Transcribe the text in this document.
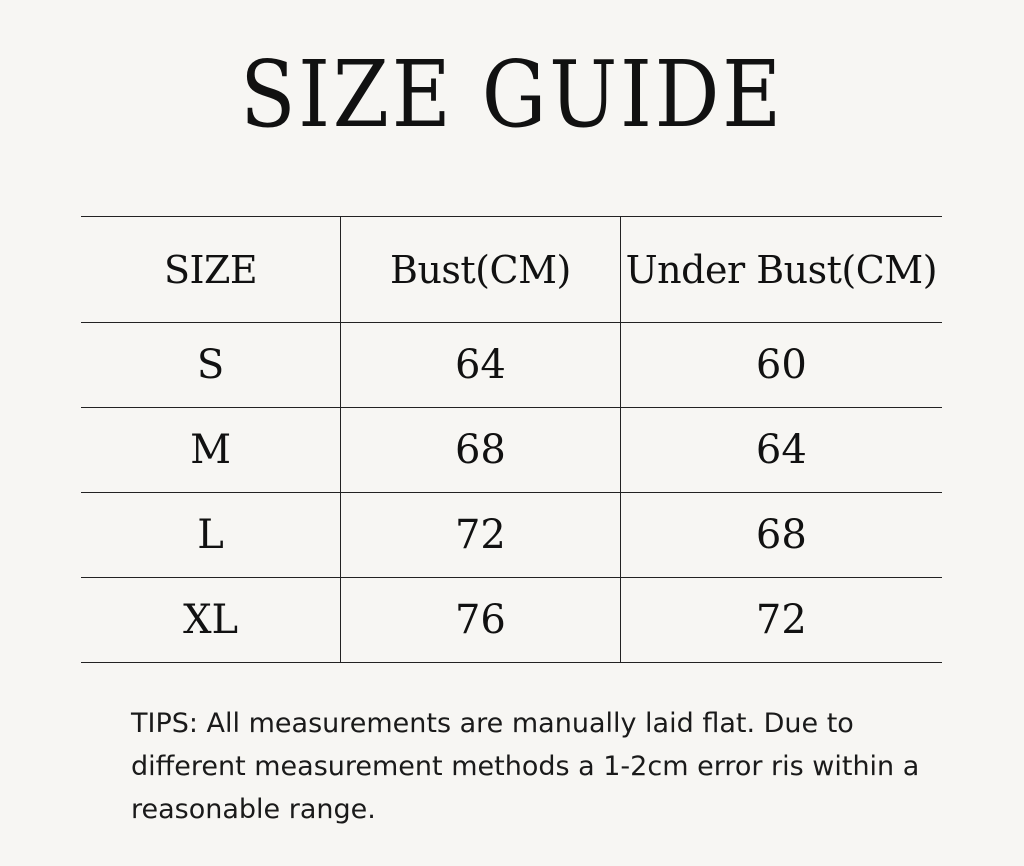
SIZE GUIDE
SIZE	Bust(CM)	Under Bust(CM)
S	64	60
M	68	64
L	72	68
XL	76	72

TIPS: All measurements are manually laid flat. Due to different measurement methods a 1-2cm error ris within a reasonable range.
